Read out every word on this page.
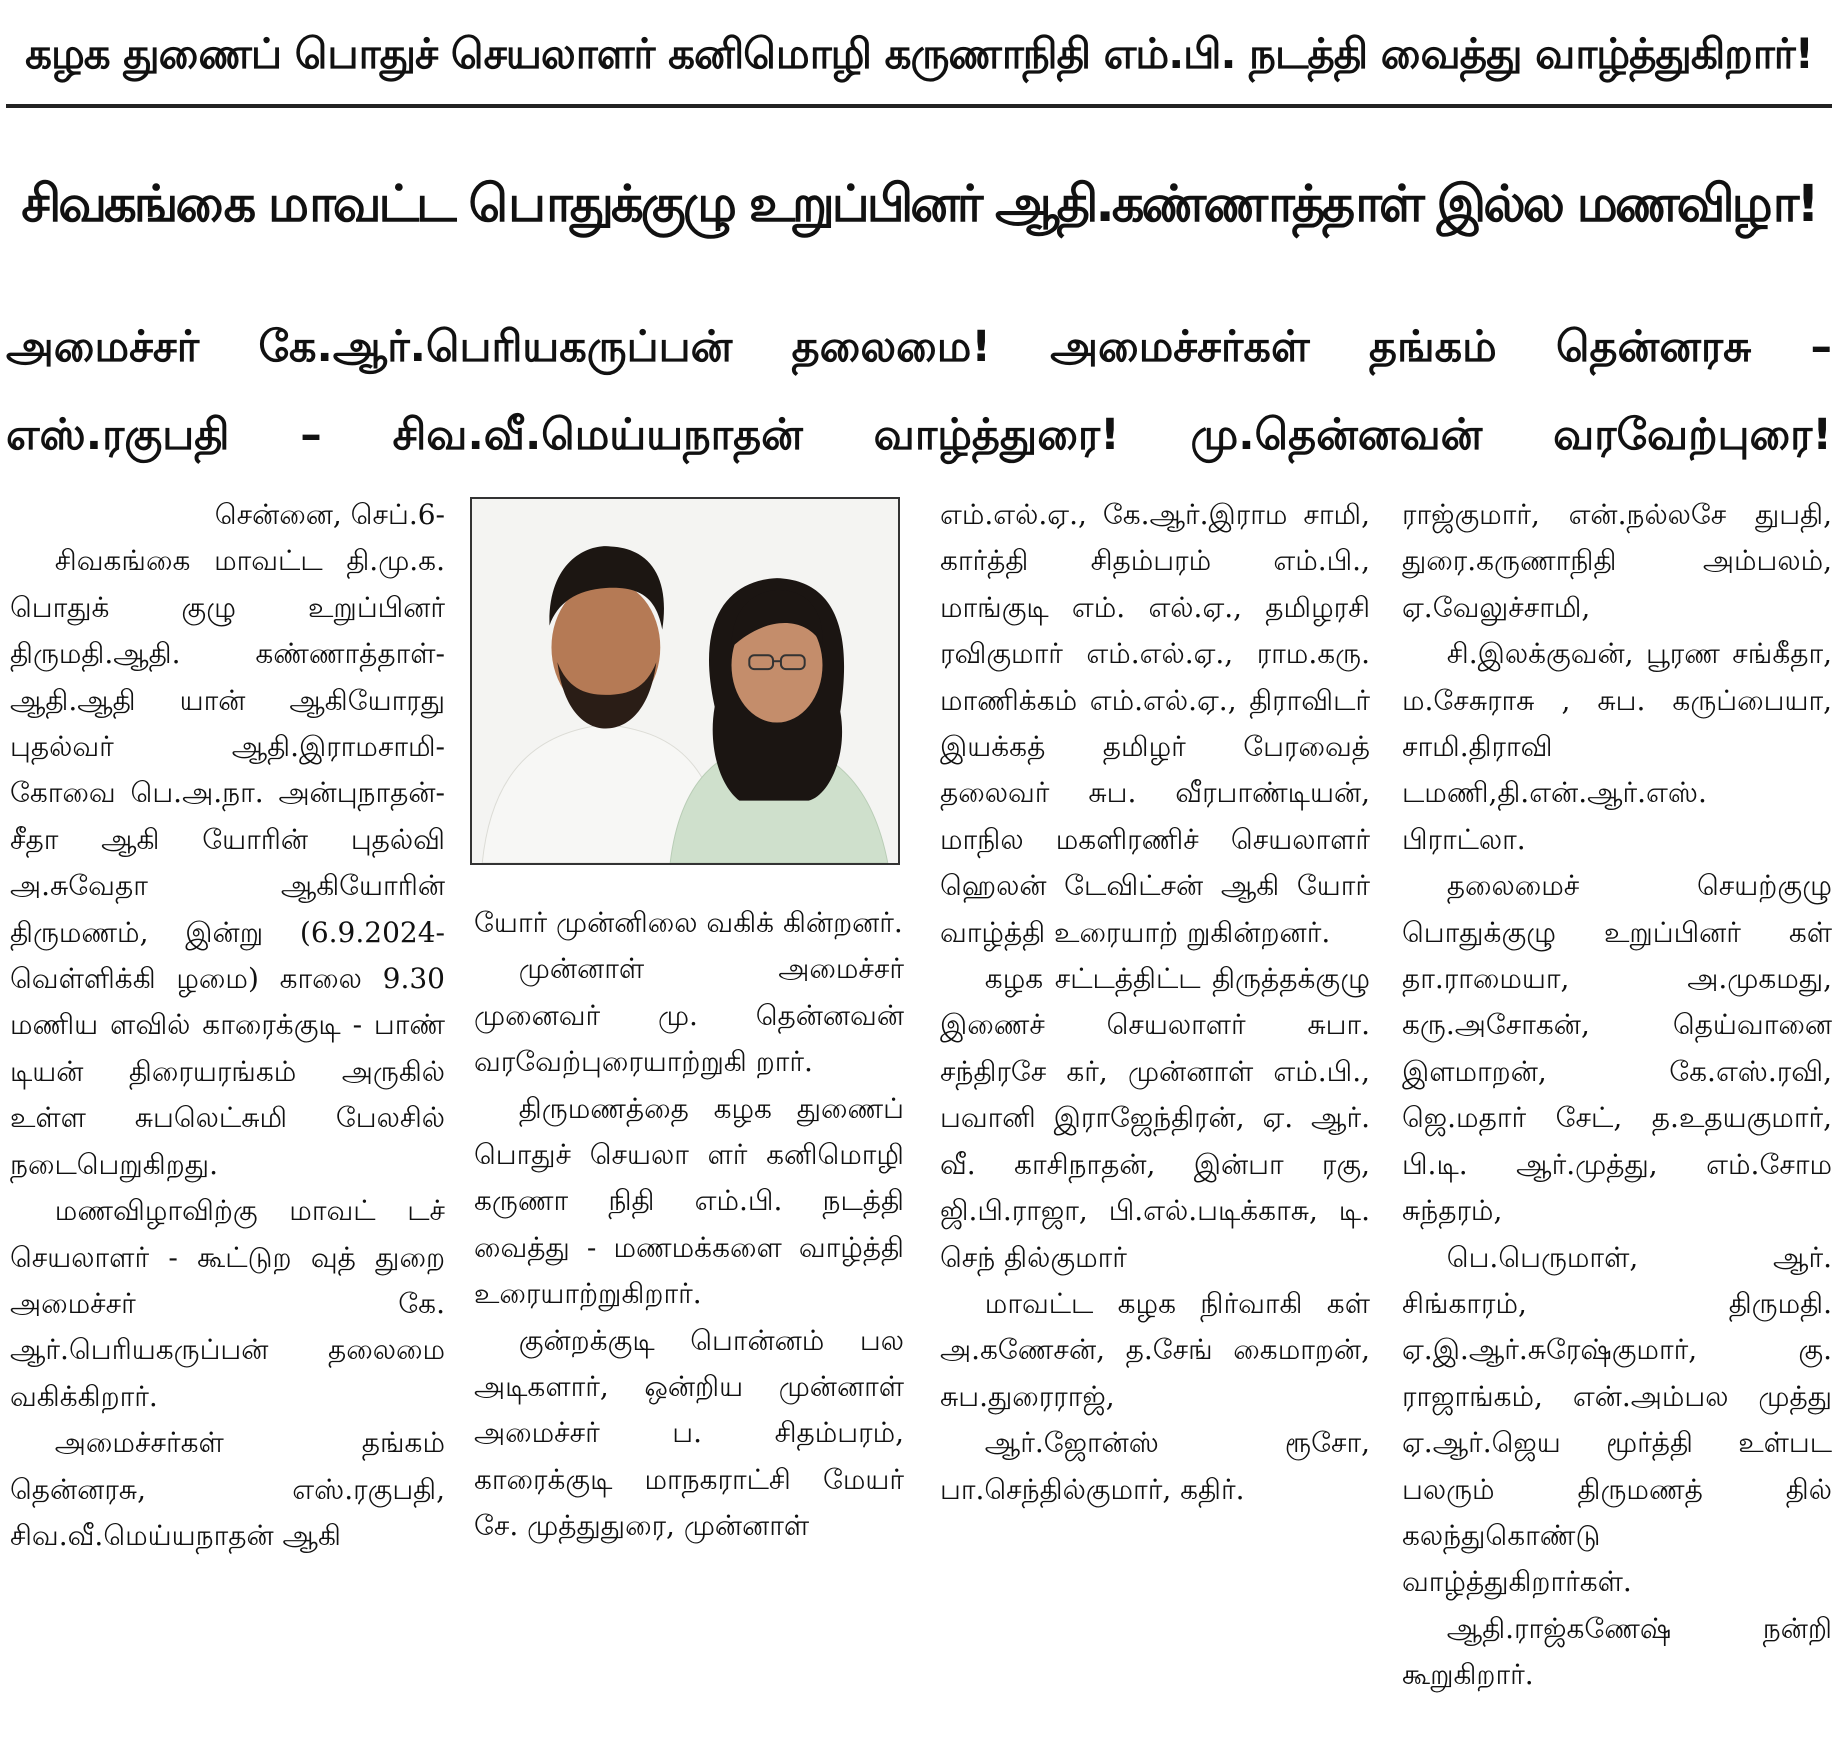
கழக துணைப் பொதுச் செயலாளர் கனிமொழி கருணாநிதி எம்.பி. நடத்தி வைத்து வாழ்த்துகிறார்!
சிவகங்கை மாவட்ட பொதுக்குழு உறுப்பினர் ஆதி.கண்ணாத்தாள் இல்ல மணவிழா!
அமைச்சர் கே.ஆர்.பெரியகருப்பன் தலைமை! அமைச்சர்கள் தங்கம் தென்னரசு –
எஸ்.ரகுபதி – சிவ.வீ.மெய்யநாதன் வாழ்த்துரை! மு.தென்னவன் வரவேற்புரை!

சென்னை, செப்.6-

சிவகங்கை மாவட்ட தி.மு.க. பொதுக் குழு உறுப்பினர் திருமதி.ஆதி. கண்ணாத்தாள்-ஆதி.ஆதி யான் ஆகியோரது புதல்வர் ஆதி.இராமசாமி- கோவை பெ.அ.நா. அன்புநாதன்-சீதா ஆகி யோரின் புதல்வி அ.சுவேதா ஆகியோரின் திருமணம், இன்று (6.9.2024-வெள்ளிக்கி ழமை) காலை 9.30 மணிய ளவில் காரைக்குடி - பாண் டியன் திரையரங்கம் அருகில் உள்ள சுபலெட்சுமி பேலசில் நடைபெறுகிறது.

மணவிழாவிற்கு மாவட் டச் செயலாளர் - கூட்டுற வுத் துறை அமைச்சர் கே. ஆர்.பெரியகருப்பன் தலைமை வகிக்கிறார்.

அமைச்சர்கள் தங்கம் தென்னரசு, எஸ்.ரகுபதி, சிவ.வீ.மெய்யநாதன் ஆகி

யோர் முன்னிலை வகிக் கின்றனர்.

முன்னாள் அமைச்சர் முனைவர் மு. தென்னவன் வரவேற்புரையாற்றுகி றார்.

திருமணத்தை கழக துணைப் பொதுச் செயலா ளர் கனிமொழி கருணா நிதி எம்.பி. நடத்தி வைத்து - மணமக்களை வாழ்த்தி உரையாற்றுகிறார்.

குன்றக்குடி பொன்னம் பல அடிகளார், ஒன்றிய முன்னாள் அமைச்சர் ப. சிதம்பரம், காரைக்குடி மாநகராட்சி மேயர் சே. முத்துதுரை, முன்னாள்

எம்.எல்.ஏ., கே.ஆர்.இராம சாமி, கார்த்தி சிதம்பரம் எம்.பி., மாங்குடி எம். எல்.ஏ., தமிழரசி ரவிகுமார் எம்.எல்.ஏ., ராம.கரு. மாணிக்கம் எம்.எல்.ஏ., திராவிடர் இயக்கத் தமிழர் பேரவைத் தலைவர் சுப. வீரபாண்டியன், மாநில மகளிரணிச் செயலாளர் ஹெலன் டேவிட்சன் ஆகி யோர் வாழ்த்தி உரையாற் றுகின்றனர்.

கழக சட்டத்திட்ட திருத்தக்குழு இணைச் செயலாளர் சுபா. சந்திரசே கர், முன்னாள் எம்.பி., பவானி இராஜேந்திரன், ஏ. ஆர். வீ. காசிநாதன், இன்பா ரகு, ஜி.பி.ராஜா, பி.எல்.படிக்காசு, டி. செந் தில்குமார்

மாவட்ட கழக நிர்வாகி கள் அ.கணேசன், த.சேங் கைமாறன், சுப.துரைராஜ்,

ஆர்.ஜோன்ஸ் ரூசோ, பா.செந்தில்குமார், கதிர்.

ராஜ்குமார், என்.நல்லசே துபதி, துரை.கருணாநிதி அம்பலம், ஏ.வேலுச்சாமி,

சி.இலக்குவன், பூரண சங்கீதா, ம.சேசுராசு , சுப. கருப்பையா, சாமி.திராவி டமணி,தி.என்.ஆர்.எஸ். பிராட்லா.

தலைமைச் செயற்குழு பொதுக்குழு உறுப்பினர் கள் தா.ராமையா, அ.முகமது, கரு.அசோகன், தெய்வானை இளமாறன், கே.எஸ்.ரவி, ஜெ.மதார் சேட், த.உதயகுமார், பி.டி. ஆர்.முத்து, எம்.சோம சுந்தரம்,

பெ.பெருமாள், ஆர். சிங்காரம், திருமதி. ஏ.இ.ஆர்.சுரேஷ்குமார், கு. ராஜாங்கம், என்.அம்பல முத்து ஏ.ஆர்.ஜெய மூர்த்தி உள்பட பலரும் திருமணத் தில் கலந்துகொண்டு வாழ்த்துகிறார்கள்.

ஆதி.ராஜ்கணேஷ் நன்றி கூறுகிறார்.
